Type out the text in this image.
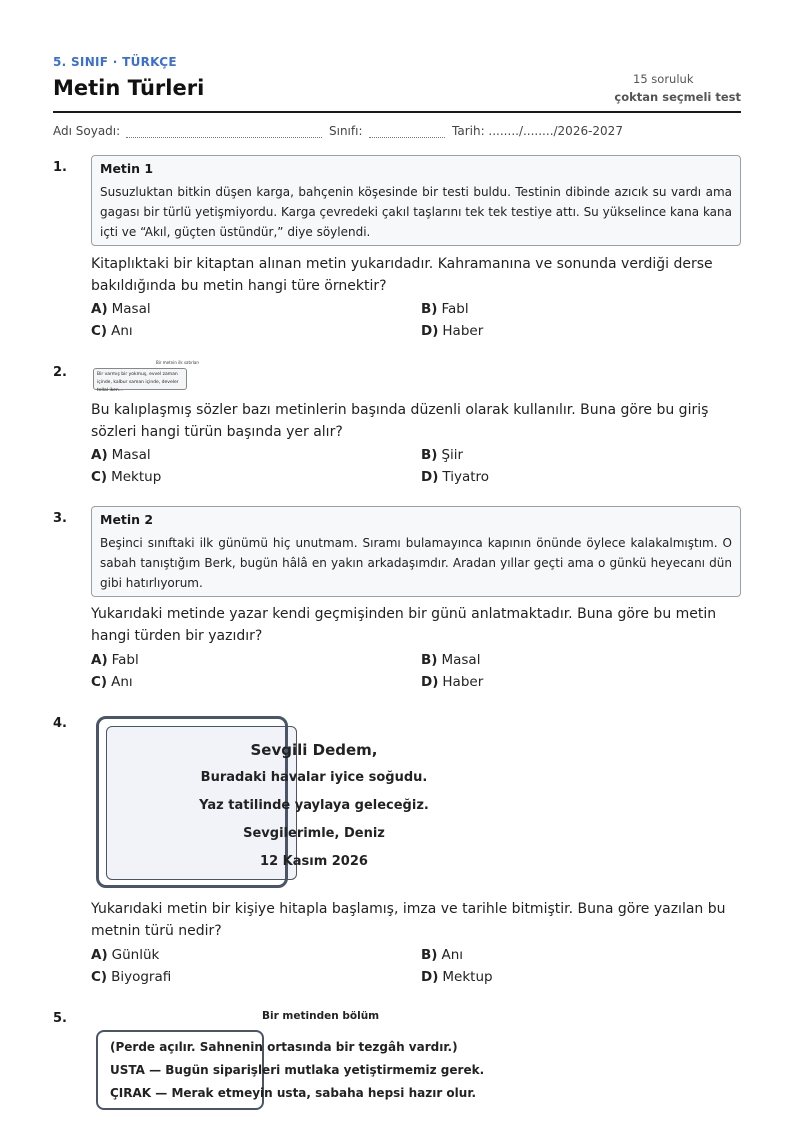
5. SINIF · TÜRKÇE
Metin Türleri	15 soruluk
çoktan seçmeli test
Adı Soyadı:	Sınıfı:	Tarih: ......../......../2026-2027
1.	Metin 1
Susuzluktan bitkin düşen karga, bahçenin köşesinde bir testi buldu. Testinin dibinde azıcık su vardı ama gagası bir türlü yetişmiyordu. Karga çevredeki çakıl taşlarını tek tek testiye attı. Su yükselince kana kana içti ve “Akıl, güçten üstündür,” diye söylendi.
Kitaplıktaki bir kitaptan alınan metin yukarıdadır. Kahramanına ve sonunda verdiği derse bakıldığında bu metin hangi türe örnektir?
A) Masal	B) Fabl
C) Anı	D) Haber
2.
Bir metnin ilk satırları
Bir varmış bir yokmuş, evvel zaman içinde, kalbur saman içinde, develer tellal iken...
Bu kalıplaşmış sözler bazı metinlerin başında düzenli olarak kullanılır. Buna göre bu giriş sözleri hangi türün başında yer alır?
A) Masal	B) Şiir
C) Mektup	D) Tiyatro
3.	Metin 2
Beşinci sınıftaki ilk günümü hiç unutmam. Sıramı bulamayınca kapının önünde öylece kalakalmıştım. O sabah tanıştığım Berk, bugün hâlâ en yakın arkadaşımdır. Aradan yıllar geçti ama o günkü heyecanı dün gibi hatırlıyorum.
Yukarıdaki metinde yazar kendi geçmişinden bir günü anlatmaktadır. Buna göre bu metin hangi türden bir yazıdır?
A) Fabl	B) Masal
C) Anı	D) Haber
4.
Sevgili Dedem,
Buradaki havalar iyice soğudu.
Yaz tatilinde yaylaya geleceğiz.
Sevgilerimle, Deniz
12 Kasım 2026
Yukarıdaki metin bir kişiye hitapla başlamış, imza ve tarihle bitmiştir. Buna göre yazılan bu metnin türü nedir?
A) Günlük	B) Anı
C) Biyografi	D) Mektup
5.	Bir metinden bölüm
(Perde açılır. Sahnenin ortasında bir tezgâh vardır.)
USTA — Bugün siparişleri mutlaka yetiştirmemiz gerek.
ÇIRAK — Merak etmeyin usta, sabaha hepsi hazır olur.
